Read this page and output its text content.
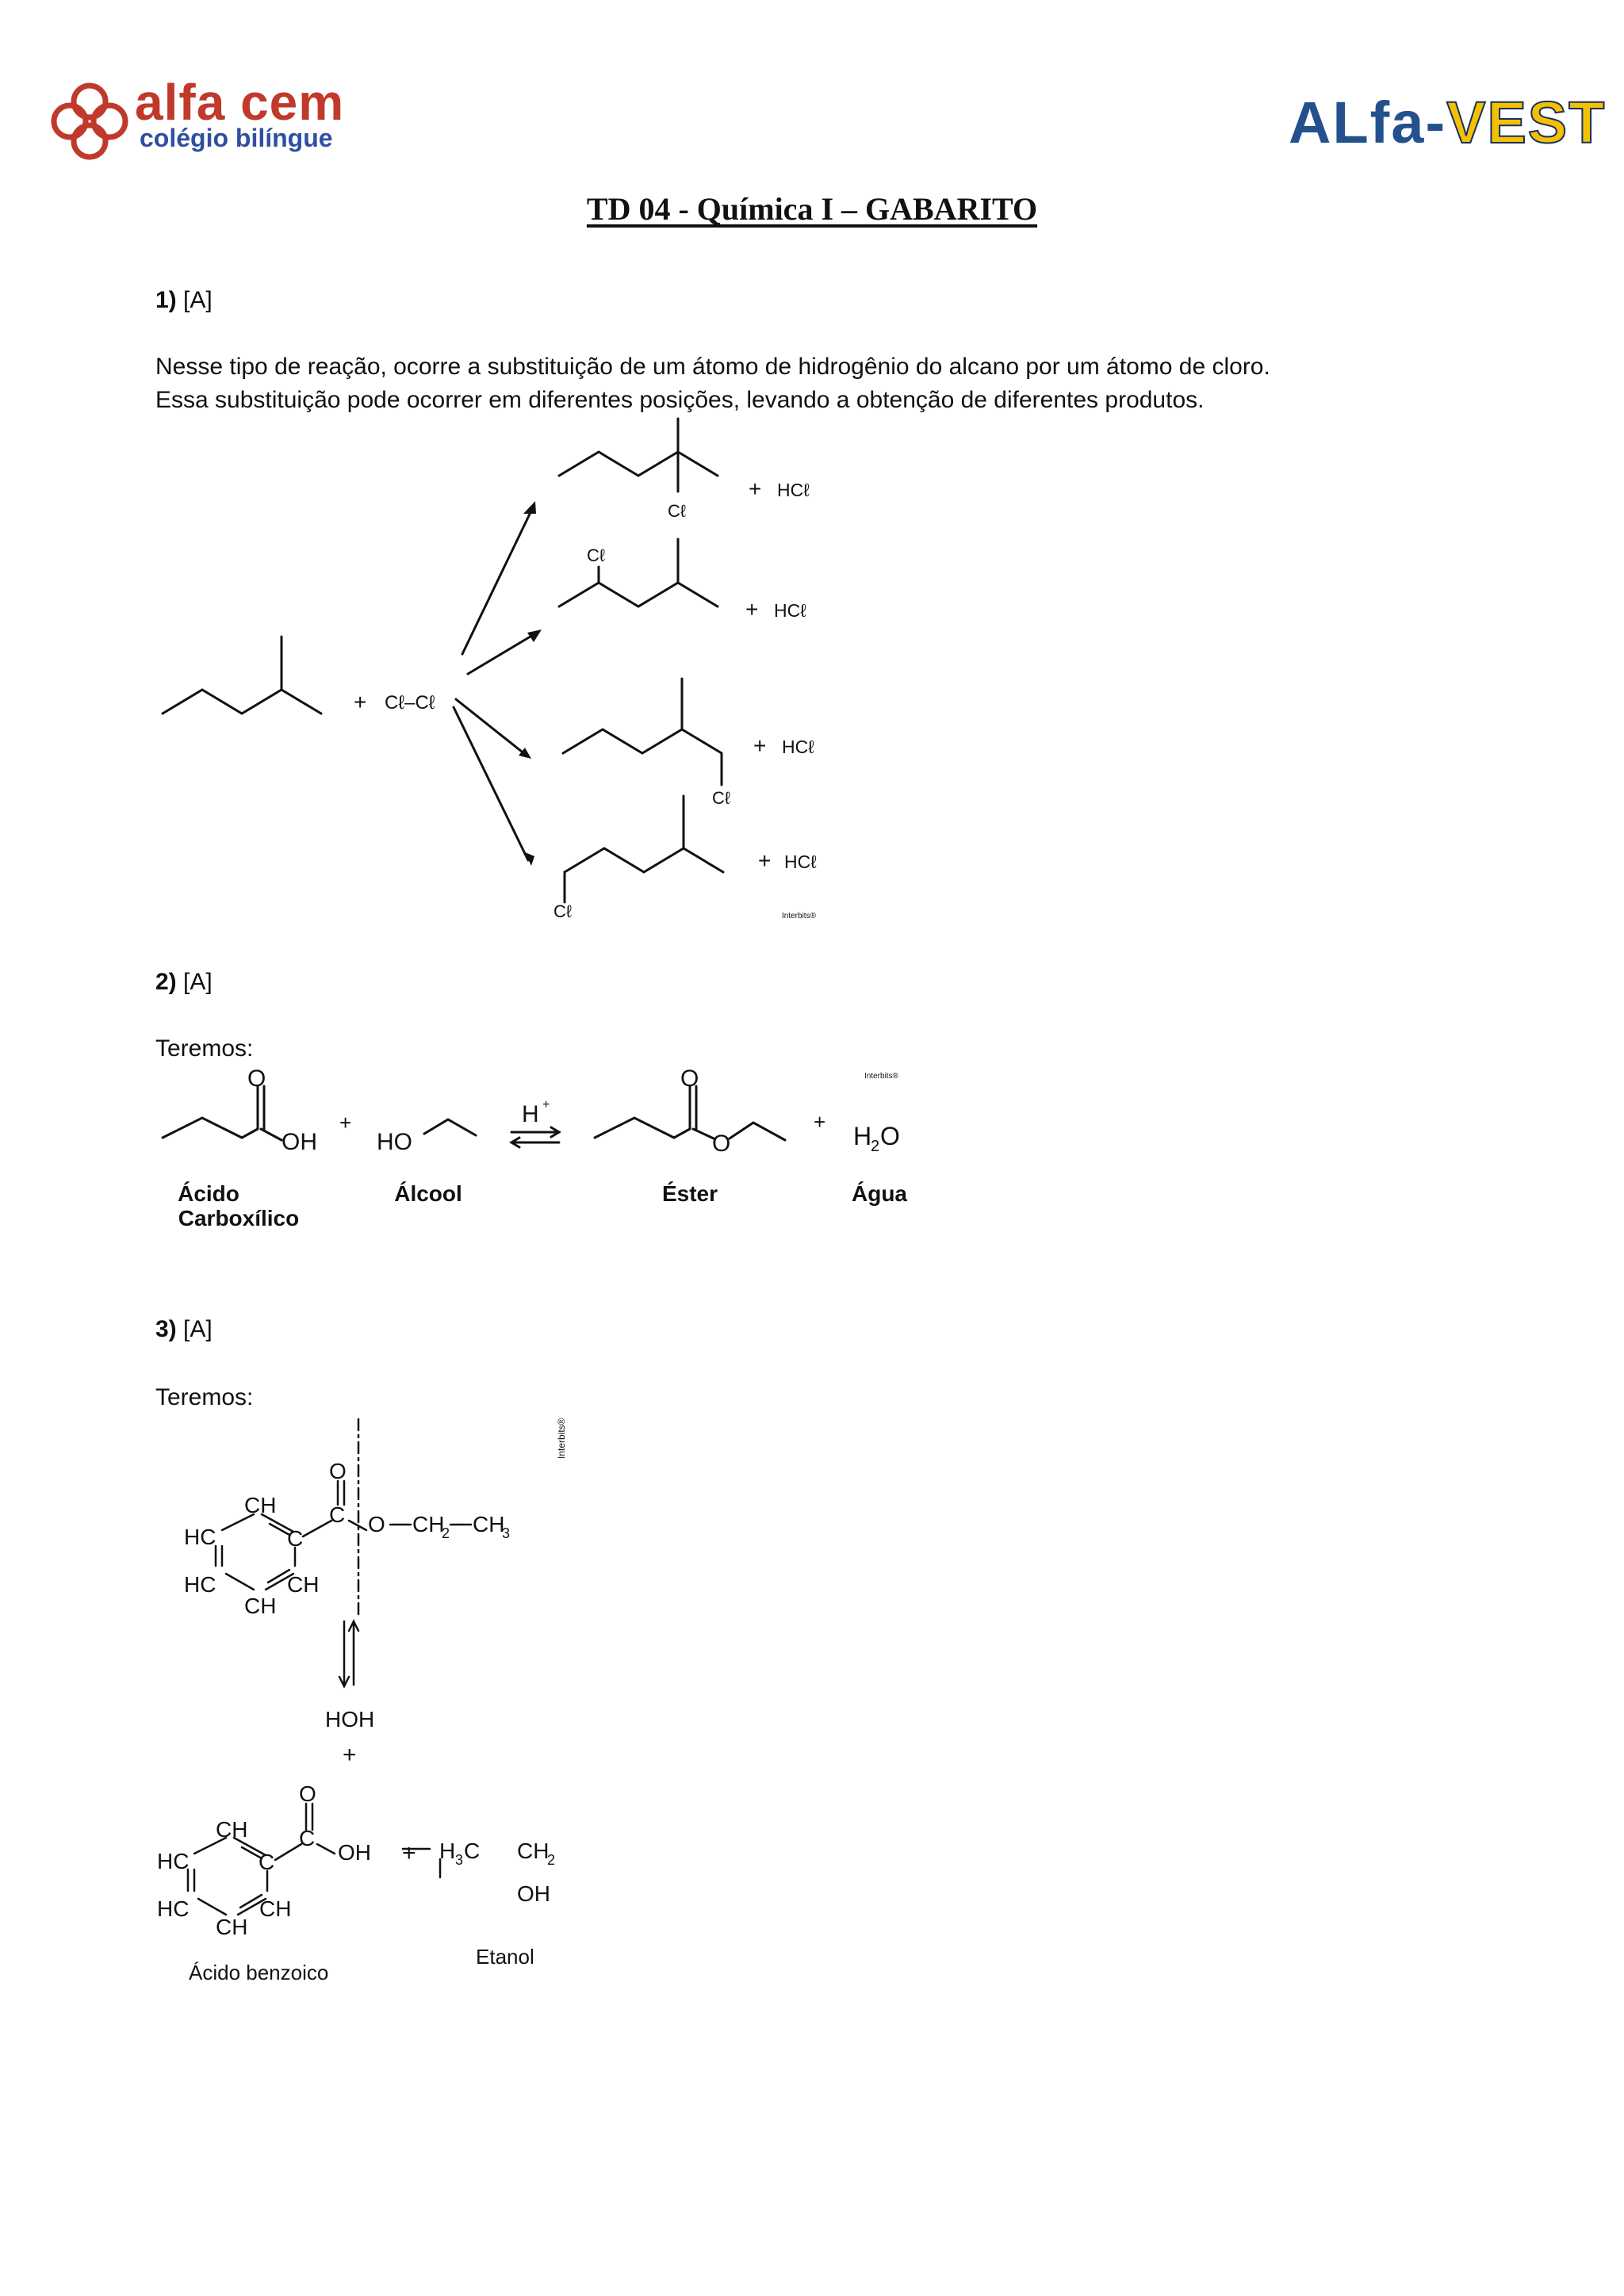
alfa cem
colégio bilíngue	ALfa-VEST
TD 04 - Química I – GABARITO
1) [A]
Nesse tipo de reação, ocorre a substituição de um átomo de hidrogênio do alcano por um átomo de cloro.
Essa substituição pode ocorrer em diferentes posições, levando a obtenção de diferentes produtos.
+ Cℓ–Cℓ
Cℓ
+ HCℓ
Cℓ
+ HCℓ
Cℓ
+ HCℓ
Cℓ
+ HCℓ
Interbits®
2) [A]
Teremos:
O
OH
+
HO
H +
O
O
+ H
2 O
Interbits®
Ácido
Carboxílico
Álcool	Éster	Água
3) [A]
Teremos:
Interbits®
O
C
CH
HC	C
HC	CH
CH
O CH
2 CH
3
HOH
+
O
C
CH
HC	C
HC	CH
CH
OH + H 3 C CH
2
OH
Ácido benzoico
Etanol
